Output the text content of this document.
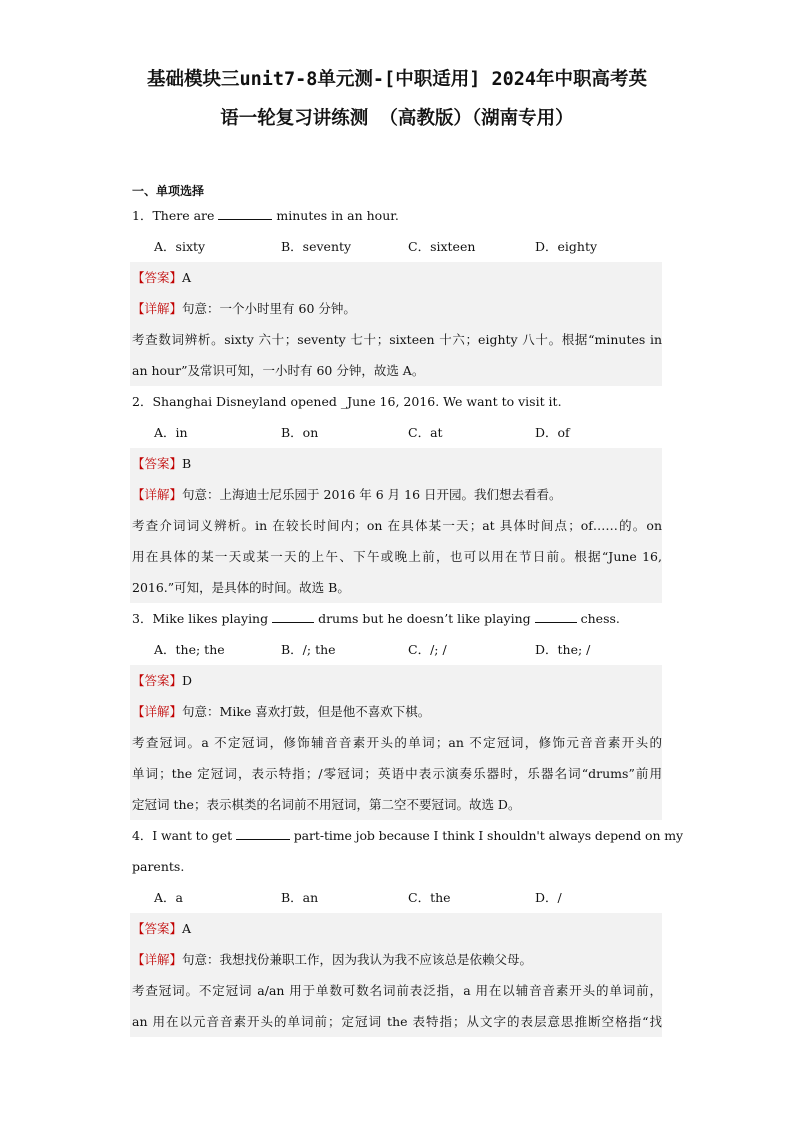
基础模块三unit7-8单元测-[中职适用] 2024年中职高考英
语一轮复习讲练测 （高教版）（湖南专用）
一、单项选择
1．There are	minutes in an hour.
A．sixty	B．seventy	C．sixteen	D．eighty
【答案】A
【详解】句意：一个小时里有 60 分钟。
考查数词辨析。sixty 六十；seventy 七十；sixteen 十六；eighty 八十。根据“minutes in
an hour”及常识可知，一小时有 60 分钟，故选 A。
2．Shanghai Disneyland opened _June 16, 2016. We want to visit it.
A．in	B．on	C．at	D．of
【答案】B
【详解】句意：上海迪士尼乐园于 2016 年 6 月 16 日开园。我们想去看看。
考查介词词义辨析。in 在较长时间内；on 在具体某一天；at 具体时间点；of……的。on
用在具体的某一天或某一天的上午、下午或晚上前，也可以用在节日前。根据“June 16,
2016.”可知，是具体的时间。故选 B。
3．Mike likes playing	drums but he doesn’t like playing	chess.
A．the; the	B．/; the	C．/; /	D．the; /
【答案】D
【详解】句意：Mike 喜欢打鼓，但是他不喜欢下棋。
考查冠词。a 不定冠词，修饰辅音音素开头的单词；an 不定冠词，修饰元音音素开头的
单词；the 定冠词，表示特指；/零冠词；英语中表示演奏乐器时，乐器名词“drums”前用
定冠词 the；表示棋类的名词前不用冠词，第二空不要冠词。故选 D。
4．I want to get	part-time job because I think I shouldn't always depend on my
parents.
A．a	B．an	C．the	D．/
【答案】A
【详解】句意：我想找份兼职工作，因为我认为我不应该总是依赖父母。
考查冠词。不定冠词 a/an 用于单数可数名词前表泛指，a 用在以辅音音素开头的单词前，
an 用在以元音音素开头的单词前；定冠词 the 表特指；从文字的表层意思推断空格指“找
